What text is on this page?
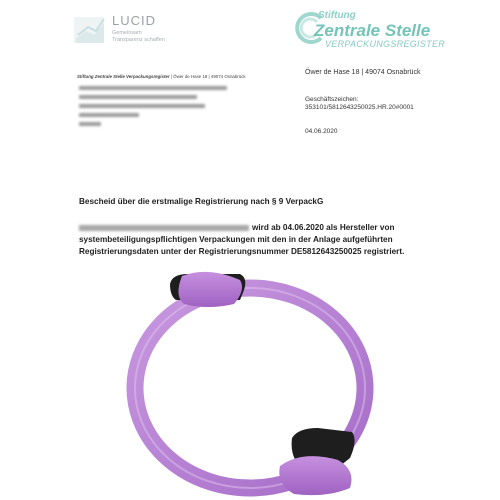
LUCID
Gemeinsam
Transparenz schaffen
Stiftung
Zentrale Stelle
VERPACKUNGSREGISTER
Stiftung Zentrale Stelle Verpackungsregister | Öwer de Hase 18 | 49074 Osnabrück
Öwer de Hase 18 | 49074 Osnabrück
Geschäftszeichen:
353101/5812643250025.HR.20#0001
04.06.2020
Bescheid über die erstmalige Registrierung nach § 9 VerpackG
wird ab 04.06.2020 als Hersteller von
systembeteiligungspflichtigen Verpackungen mit den in der Anlage aufgeführten
Registrierungsdaten unter der Registrierungsnummer DE5812643250025 registriert.
